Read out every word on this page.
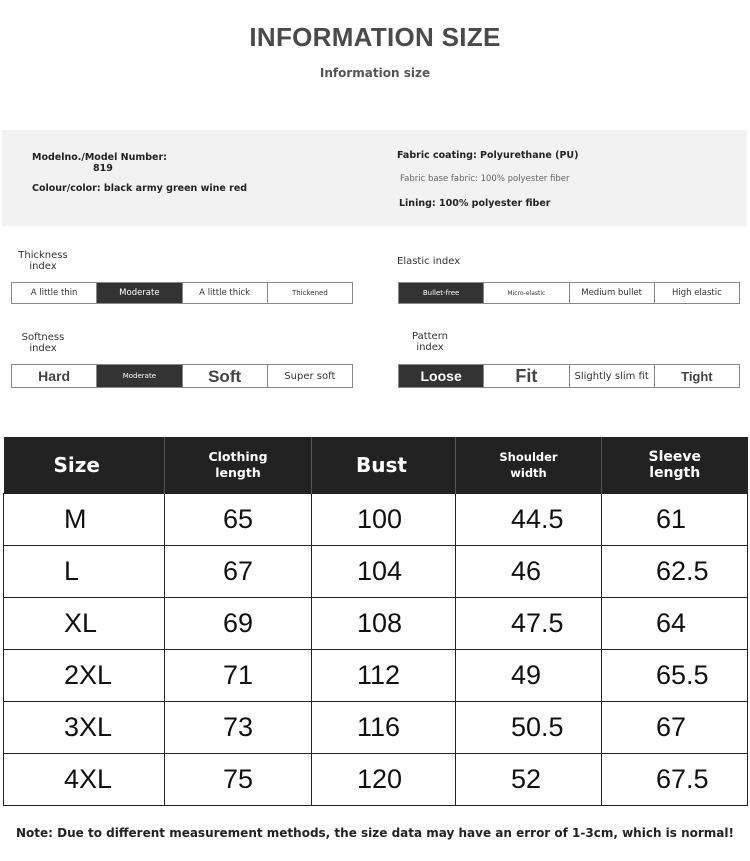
INFORMATION SIZE
Information size
Modelno./Model Number:
819
Colour/color: black army green wine red
Fabric coating: Polyurethane (PU)
Fabric base fabric: 100% polyester fiber
Lining: 100% polyester fiber
Thickness
index
A little thin	Moderate	A little thick	Thickened
Elastic index
Bullet-free	Micro-elastic	Medium bullet	High elastic
Softness
index
Hard	Moderate	Soft	Super soft
Pattern
index
Loose	Fit	Slightly slim fit	Tight
Size	Clothing length	Bust	Shoulder width	Sleeve length
M	65	100	44.5	61
L	67	104	46	62.5
XL	69	108	47.5	64
2XL	71	112	49	65.5
3XL	73	116	50.5	67
4XL	75	120	52	67.5
Note: Due to different measurement methods, the size data may have an error of 1-3cm, which is normal!
